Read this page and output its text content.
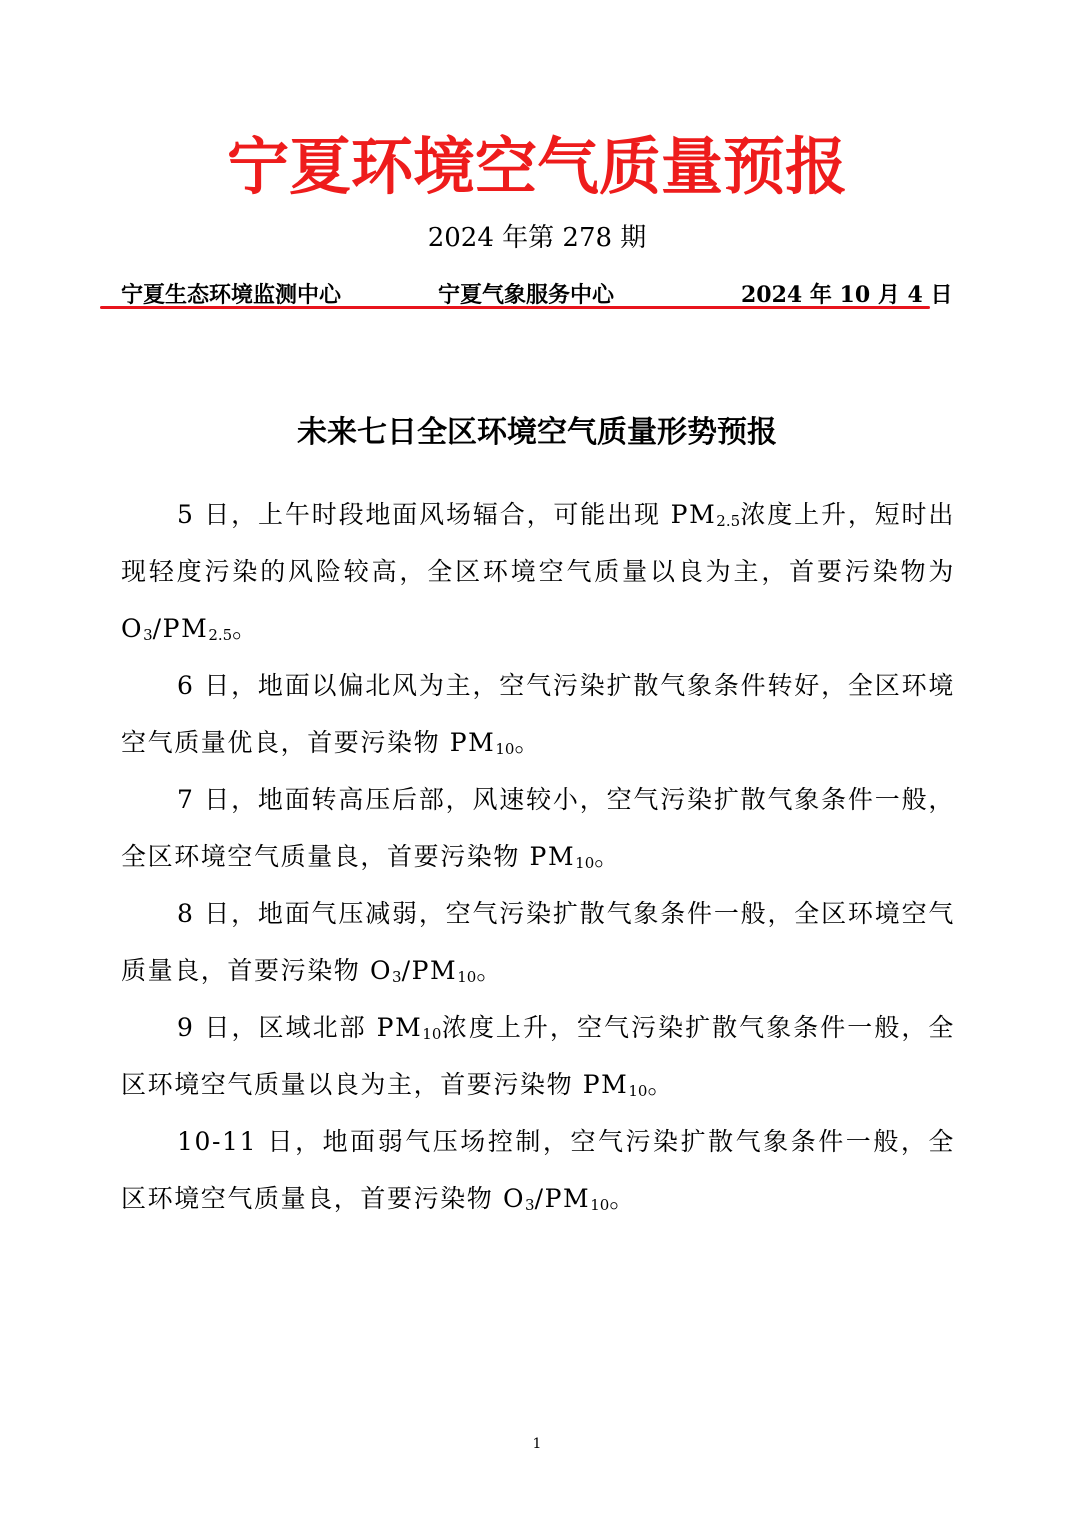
宁夏环境空气质量预报
2024 年第 278 期
宁夏生态环境监测中心	宁夏气象服务中心	2024 年 10 月 4 日
未来七日全区环境空气质量形势预报

5 日，上午时段地面风场辐合，可能出现 $PM_{2.5}$浓度上升，短时出现轻度污染的风险较高，全区环境空气质量以良为主，首要污染物为 $O_3/PM_{2.5}$。

6 日，地面以偏北风为主，空气污染扩散气象条件转好，全区环境空气质量优良，首要污染物 $PM_{10}$。

7 日，地面转高压后部，风速较小，空气污染扩散气象条件一般，全区环境空气质量良，首要污染物 $PM_{10}$。

8 日，地面气压减弱，空气污染扩散气象条件一般，全区环境空气质量良，首要污染物 $O_3/PM_{10}$。

9 日，区域北部 $PM_{10}$浓度上升，空气污染扩散气象条件一般，全区环境空气质量以良为主，首要污染物 $PM_{10}$。

10-11 日，地面弱气压场控制，空气污染扩散气象条件一般，全区环境空气质量良，首要污染物 $O_3/PM_{10}$。

1
